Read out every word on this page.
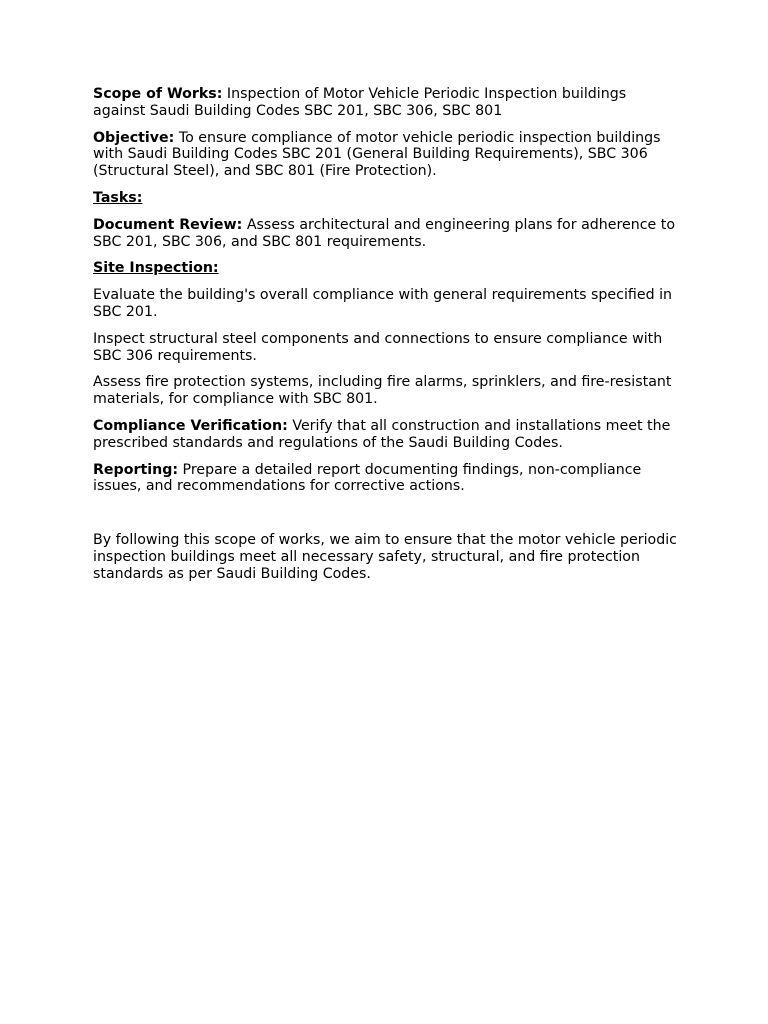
Scope of Works: Inspection of Motor Vehicle Periodic Inspection buildings against Saudi Building Codes SBC 201, SBC 306, SBC 801

Objective: To ensure compliance of motor vehicle periodic inspection buildings with Saudi Building Codes SBC 201 (General Building Requirements), SBC 306 (Structural Steel), and SBC 801 (Fire Protection).

Tasks:

Document Review: Assess architectural and engineering plans for adherence to SBC 201, SBC 306, and SBC 801 requirements.

Site Inspection:

Evaluate the building's overall compliance with general requirements specified in SBC 201.

Inspect structural steel components and connections to ensure compliance with SBC 306 requirements.

Assess fire protection systems, including fire alarms, sprinklers, and fire-resistant materials, for compliance with SBC 801.

Compliance Verification: Verify that all construction and installations meet the prescribed standards and regulations of the Saudi Building Codes.

Reporting: Prepare a detailed report documenting findings, non-compliance issues, and recommendations for corrective actions.

By following this scope of works, we aim to ensure that the motor vehicle periodic inspection buildings meet all necessary safety, structural, and fire protection standards as per Saudi Building Codes.
